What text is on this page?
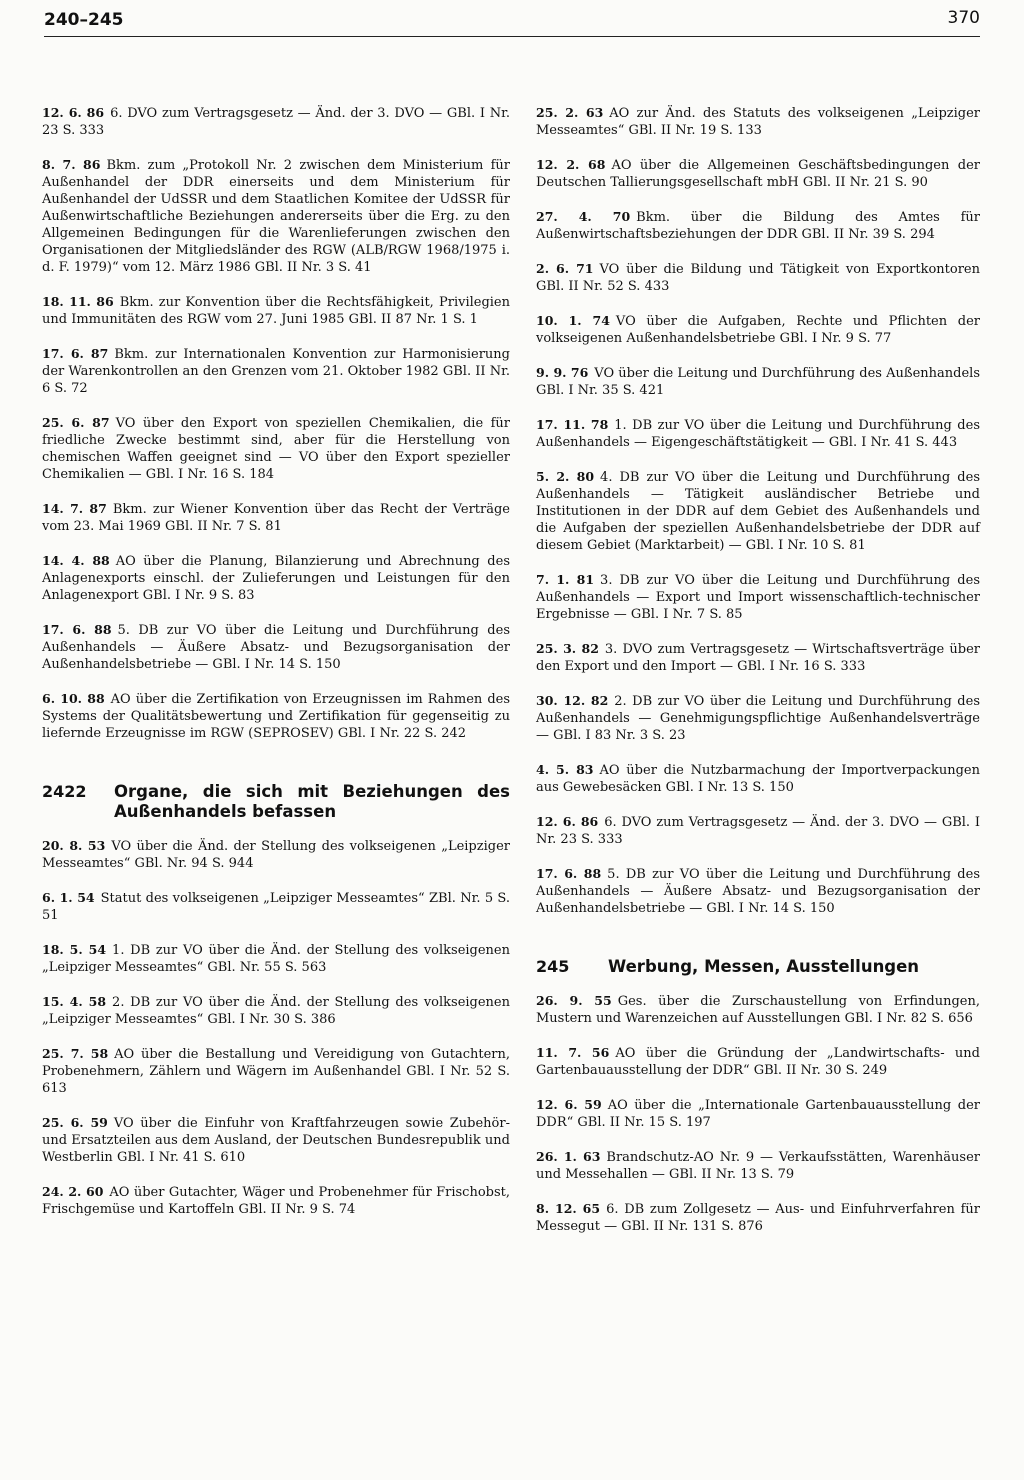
240–245	370
12. 6. 86 6. DVO zum Vertragsgesetz — Änd. der 3. DVO — GBl. I Nr. 23 S. 333
8. 7. 86 Bkm. zum „Protokoll Nr. 2 zwischen dem Ministerium für Außenhandel der DDR einerseits und dem Ministerium für Außenhandel der UdSSR und dem Staatlichen Komitee der UdSSR für Außenwirtschaftliche Beziehungen andererseits über die Erg. zu den Allgemeinen Bedingungen für die Warenlieferungen zwischen den Organisationen der Mitgliedsländer des RGW (ALB/RGW 1968/1975 i. d. F. 1979)“ vom 12. März 1986 GBl. II Nr. 3 S. 41
18. 11. 86 Bkm. zur Konvention über die Rechtsfähigkeit, Privilegien und Immunitäten des RGW vom 27. Juni 1985 GBl. II 87 Nr. 1 S. 1
17. 6. 87 Bkm. zur Internationalen Konvention zur Harmonisierung der Warenkontrollen an den Grenzen vom 21. Oktober 1982 GBl. II Nr. 6 S. 72
25. 6. 87 VO über den Export von speziellen Chemikalien, die für friedliche Zwecke bestimmt sind, aber für die Herstellung von chemischen Waffen geeignet sind — VO über den Export spezieller Chemikalien — GBl. I Nr. 16 S. 184
14. 7. 87 Bkm. zur Wiener Konvention über das Recht der Verträge vom 23. Mai 1969 GBl. II Nr. 7 S. 81
14. 4. 88 AO über die Planung, Bilanzierung und Abrechnung des Anlagenexports einschl. der Zulieferungen und Leistungen für den Anlagenexport GBl. I Nr. 9 S. 83
17. 6. 88 5. DB zur VO über die Leitung und Durchführung des Außenhandels — Äußere Absatz- und Bezugsorganisation der Außenhandelsbetriebe — GBl. I Nr. 14 S. 150
6. 10. 88 AO über die Zertifikation von Erzeugnissen im Rahmen des Systems der Qualitätsbewertung und Zertifikation für gegenseitig zu liefernde Erzeugnisse im RGW (SEPROSEV) GBl. I Nr. 22 S. 242
2422	Organe, die sich mit Beziehungen des Außenhandels befassen
20. 8. 53 VO über die Änd. der Stellung des volkseigenen „Leipziger Messeamtes“ GBl. Nr. 94 S. 944
6. 1. 54 Statut des volkseigenen „Leipziger Messeamtes“ ZBl. Nr. 5 S. 51
18. 5. 54 1. DB zur VO über die Änd. der Stellung des volkseigenen „Leipziger Messeamtes“ GBl. Nr. 55 S. 563
15. 4. 58 2. DB zur VO über die Änd. der Stellung des volkseigenen „Leipziger Messeamtes“ GBl. I Nr. 30 S. 386
25. 7. 58 AO über die Bestallung und Vereidigung von Gutachtern, Probenehmern, Zählern und Wägern im Außenhandel GBl. I Nr. 52 S. 613
25. 6. 59 VO über die Einfuhr von Kraftfahrzeugen sowie Zubehör- und Ersatzteilen aus dem Ausland, der Deutschen Bundesrepublik und Westberlin GBl. I Nr. 41 S. 610
24. 2. 60 AO über Gutachter, Wäger und Probenehmer für Frischobst, Frischgemüse und Kartoffeln GBl. II Nr. 9 S. 74
25. 2. 63 AO zur Änd. des Statuts des volkseigenen „Leipziger Messeamtes“ GBl. II Nr. 19 S. 133
12. 2. 68 AO über die Allgemeinen Geschäftsbedingungen der Deutschen Tallierungsgesellschaft mbH GBl. II Nr. 21 S. 90
27. 4. 70 Bkm. über die Bildung des Amtes für Außenwirtschaftsbeziehungen der DDR GBl. II Nr. 39 S. 294
2. 6. 71 VO über die Bildung und Tätigkeit von Exportkontoren GBl. II Nr. 52 S. 433
10. 1. 74 VO über die Aufgaben, Rechte und Pflichten der volkseigenen Außenhandelsbetriebe GBl. I Nr. 9 S. 77
9. 9. 76 VO über die Leitung und Durchführung des Außenhandels GBl. I Nr. 35 S. 421
17. 11. 78 1. DB zur VO über die Leitung und Durchführung des Außenhandels — Eigengeschäftstätigkeit — GBl. I Nr. 41 S. 443
5. 2. 80 4. DB zur VO über die Leitung und Durchführung des Außenhandels — Tätigkeit ausländischer Betriebe und Institutionen in der DDR auf dem Gebiet des Außenhandels und die Aufgaben der speziellen Außenhandelsbetriebe der DDR auf diesem Gebiet (Marktarbeit) — GBl. I Nr. 10 S. 81
7. 1. 81 3. DB zur VO über die Leitung und Durchführung des Außenhandels — Export und Import wissenschaftlich-technischer Ergebnisse — GBl. I Nr. 7 S. 85
25. 3. 82 3. DVO zum Vertragsgesetz — Wirtschaftsverträge über den Export und den Import — GBl. I Nr. 16 S. 333
30. 12. 82 2. DB zur VO über die Leitung und Durchführung des Außenhandels — Genehmigungspflichtige Außenhandelsverträge — GBl. I 83 Nr. 3 S. 23
4. 5. 83 AO über die Nutzbarmachung der Importverpackungen aus Gewebesäcken GBl. I Nr. 13 S. 150
12. 6. 86 6. DVO zum Vertragsgesetz — Änd. der 3. DVO — GBl. I Nr. 23 S. 333
17. 6. 88 5. DB zur VO über die Leitung und Durchführung des Außenhandels — Äußere Absatz- und Bezugsorganisation der Außenhandelsbetriebe — GBl. I Nr. 14 S. 150
245	Werbung, Messen, Ausstellungen
26. 9. 55 Ges. über die Zurschaustellung von Erfindungen, Mustern und Warenzeichen auf Ausstellungen GBl. I Nr. 82 S. 656
11. 7. 56 AO über die Gründung der „Landwirtschafts- und Gartenbauausstellung der DDR“ GBl. II Nr. 30 S. 249
12. 6. 59 AO über die „Internationale Gartenbauausstellung der DDR“ GBl. II Nr. 15 S. 197
26. 1. 63 Brandschutz-AO Nr. 9 — Verkaufsstätten, Warenhäuser und Messehallen — GBl. II Nr. 13 S. 79
8. 12. 65 6. DB zum Zollgesetz — Aus- und Einfuhrverfahren für Messegut — GBl. II Nr. 131 S. 876
